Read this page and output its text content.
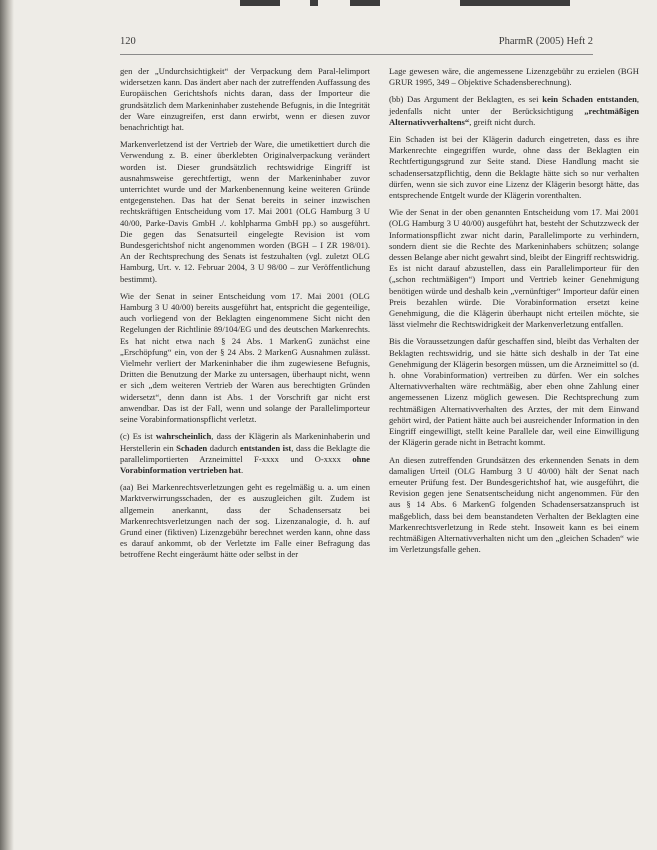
120	PharmR (2005) Heft 2

gen der „Undurchsichtigkeit“ der Verpackung dem Paral-lelimport widersetzen kann. Das ändert aber nach der zutreffenden Auffassung des Europäischen Gerichtshofs nichts daran, dass der Importeur die grundsätzlich dem Markeninhaber zustehende Befugnis, in die Integrität der Ware einzugreifen, erst dann erwirbt, wenn er diesen zuvor benachrichtigt hat.

Markenverletzend ist der Vertrieb der Ware, die umetikettiert durch die Verwendung z. B. einer überklebten Originalverpackung verändert worden ist. Dieser grundsätzlich rechtswidrige Eingriff ist ausnahmsweise gerechtfertigt, wenn der Markeninhaber zuvor unterrichtet wurde und der Markenbenennung keine weiteren Gründe entgegenstehen. Das hat der Senat bereits in seiner inzwischen rechtskräftigen Entscheidung vom 17. Mai 2001 (OLG Hamburg 3 U 40/00, Parke-Davis GmbH ./. kohlpharma GmbH pp.) so ausgeführt. Die gegen das Senatsurteil eingelegte Revision ist vom Bundesgerichtshof nicht angenommen worden (BGH – I ZR 198/01). An der Rechtsprechung des Senats ist festzuhalten (vgl. zuletzt OLG Hamburg, Urt. v. 12. Februar 2004, 3 U 98/00 – zur Veröffentlichung bestimmt).

Wie der Senat in seiner Entscheidung vom 17. Mai 2001 (OLG Hamburg 3 U 40/00) bereits ausgeführt hat, entspricht die gegenteilige, auch vorliegend von der Beklagten eingenommene Sicht nicht den Regelungen der Richtlinie 89/104/EG und des deutschen Markenrechts. Es hat nicht etwa nach § 24 Abs. 1 MarkenG zunächst eine „Erschöpfung“ ein, von der § 24 Abs. 2 MarkenG Ausnahmen zulässt. Vielmehr verliert der Markeninhaber die ihm zugewiesene Befugnis, Dritten die Benutzung der Marke zu untersagen, überhaupt nicht, wenn er sich „dem weiteren Vertrieb der Waren aus berechtigten Gründen widersetzt“, denn dann ist Abs. 1 der Vorschrift gar nicht erst anwendbar. Das ist der Fall, wenn und solange der Parallelimporteur seine Vorabinformationspflicht verletzt.

(c) Es ist wahrscheinlich, dass der Klägerin als Markeninhaberin und Herstellerin ein Schaden dadurch entstanden ist, dass die Beklagte die parallelimportierten Arzneimittel F-xxxx und O-xxxx ohne Vorabinformation vertrieben hat.

(aa) Bei Markenrechtsverletzungen geht es regelmäßig u. a. um einen Marktverwirrungsschaden, der es auszugleichen gilt. Zudem ist allgemein anerkannt, dass der Schadensersatz bei Markenrechtsverletzungen nach der sog. Lizenzanalogie, d. h. auf Grund einer (fiktiven) Lizenzgebühr berechnet werden kann, ohne dass es darauf ankommt, ob der Verletzte im Falle einer Befragung das betroffene Recht eingeräumt hätte oder selbst in der

Lage gewesen wäre, die angemessene Lizenzgebühr zu erzielen (BGH GRUR 1995, 349 – Objektive Schadensberechnung).

(bb) Das Argument der Beklagten, es sei kein Schaden entstanden, jedenfalls nicht unter der Berücksichtigung „rechtmäßigen Alternativverhaltens“, greift nicht durch.

Ein Schaden ist bei der Klägerin dadurch eingetreten, dass es ihre Markenrechte eingegriffen wurde, ohne dass der Beklagten ein Rechtfertigungsgrund zur Seite stand. Diese Handlung macht sie schadensersatzpflichtig, denn die Beklagte hätte sich so nur verhalten dürfen, wenn sie sich zuvor eine Lizenz der Klägerin besorgt hätte, das entsprechende Entgelt wurde der Klägerin vorenthalten.

Wie der Senat in der oben genannten Entscheidung vom 17. Mai 2001 (OLG Hamburg 3 U 40/00) ausgeführt hat, besteht der Schutzzweck der Informationspflicht zwar nicht darin, Parallelimporte zu verhindern, sondern dient sie die Rechte des Markeninhabers schützen; solange dessen Belange aber nicht gewahrt sind, bleibt der Eingriff rechtswidrig. Es ist nicht darauf abzustellen, dass ein Parallelimporteur für den („schon rechtmäßigen“) Import und Vertrieb keiner Genehmigung benötigen würde und deshalb kein „vernünftiger“ Importeur dafür einen Preis bezahlen würde. Die Vorabinformation ersetzt keine Genehmigung, die die Klägerin überhaupt nicht erteilen möchte, sie lässt vielmehr die Rechtswidrigkeit der Markenverletzung entfallen.

Bis die Voraussetzungen dafür geschaffen sind, bleibt das Verhalten der Beklagten rechtswidrig, und sie hätte sich deshalb in der Tat eine Genehmigung der Klägerin besorgen müssen, um die Arzneimittel so (d. h. ohne Vorabinformation) vertreiben zu dürfen. Wer ein solches Alternativverhalten wäre rechtmäßig, aber eben ohne Zahlung einer angemessenen Lizenz möglich gewesen. Die Rechtsprechung zum rechtmäßigen Alternativverhalten des Arztes, der mit dem Einwand gehört wird, der Patient hätte auch bei ausreichender Information in den Eingriff eingewilligt, stellt keine Parallele dar, weil eine Einwilligung der Klägerin gerade nicht in Betracht kommt.

An diesen zutreffenden Grundsätzen des erkennenden Senats in dem damaligen Urteil (OLG Hamburg 3 U 40/00) hält der Senat nach erneuter Prüfung fest. Der Bundesgerichtshof hat, wie ausgeführt, die Revision gegen jene Senatsentscheidung nicht angenommen. Für den aus § 14 Abs. 6 MarkenG folgenden Schadensersatzanspruch ist maßgeblich, dass bei dem beanstandeten Verhalten der Beklagten eine Markenrechtsverletzung in Rede steht. Insoweit kann es bei einem rechtmäßigen Alternativverhalten nicht um den „gleichen Schaden“ wie im Verletzungsfalle gehen.
